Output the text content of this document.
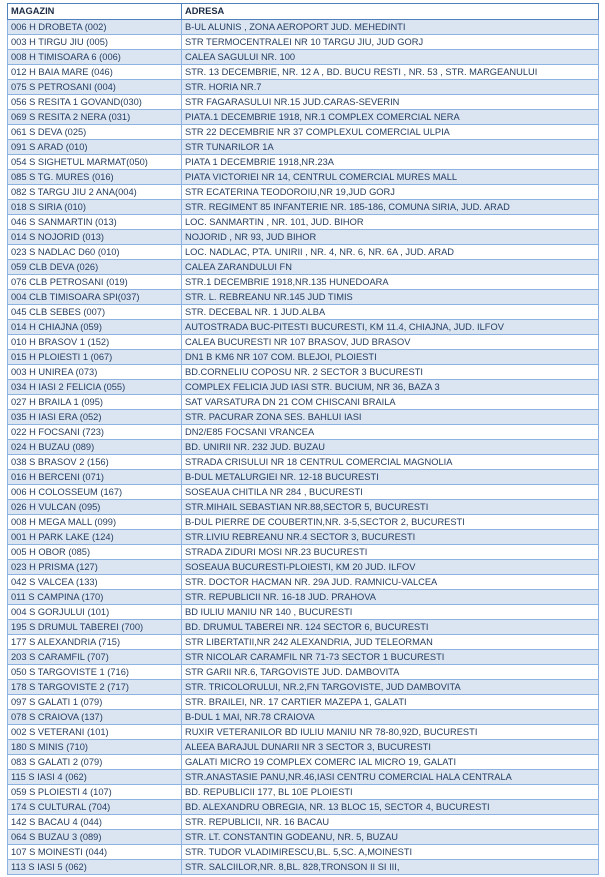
MAGAZIN	ADRESA
006 H DROBETA (002)	B-UL ALUNIS , ZONA AEROPORT JUD. MEHEDINTI
003 H TIRGU JIU (005)	STR TERMOCENTRALEI NR 10 TARGU JIU, JUD GORJ
008 H TIMISOARA 6 (006)	CALEA SAGULUI NR. 100
012 H BAIA MARE (046)	STR. 13 DECEMBRIE, NR. 12 A , BD. BUCU RESTI , NR. 53 , STR. MARGEANULUI
075 S PETROSANI (004)	STR. HORIA NR.7
056 S RESITA 1 GOVAND(030)	STR FAGARASULUI NR.15 JUD.CARAS-SEVERIN
069 S RESITA 2 NERA (031)	PIATA.1 DECEMBRIE 1918, NR.1 COMPLEX COMERCIAL NERA
061 S DEVA (025)	STR 22 DECEMBRIE NR 37 COMPLEXUL COMERCIAL ULPIA
091 S ARAD (010)	STR TUNARILOR 1A
054 S SIGHETUL MARMAT(050)	PIATA 1 DECEMBRIE 1918,NR.23A
085 S TG. MURES (016)	PIATA VICTORIEI NR 14, CENTRUL COMERCIAL MURES MALL
082 S TARGU JIU 2 ANA(004)	STR ECATERINA TEODOROIU,NR 19,JUD GORJ
018 S SIRIA (010)	STR. REGIMENT 85 INFANTERIE NR. 185-186, COMUNA SIRIA, JUD. ARAD
046 S SANMARTIN (013)	LOC. SANMARTIN , NR. 101, JUD. BIHOR
014 S NOJORID (013)	NOJORID , NR 93, JUD BIHOR
023 S NADLAC D60 (010)	LOC. NADLAC, PTA. UNIRII , NR. 4, NR. 6, NR. 6A , JUD. ARAD
059 CLB DEVA (026)	CALEA ZARANDULUI FN
076 CLB PETROSANI (019)	STR.1 DECEMBRIE 1918,NR.135 HUNEDOARA
004 CLB TIMISOARA SPI(037)	STR. L. REBREANU NR.145 JUD TIMIS
045 CLB SEBES (007)	STR. DECEBAL NR. 1 JUD.ALBA
014 H CHIAJNA (059)	AUTOSTRADA BUC-PITESTI BUCURESTI, KM 11.4, CHIAJNA, JUD. ILFOV
010 H BRASOV 1 (152)	CALEA BUCURESTI NR 107 BRASOV, JUD BRASOV
015 H PLOIESTI 1 (067)	DN1 B KM6 NR 107 COM. BLEJOI, PLOIESTI
003 H UNIREA (073)	BD.CORNELIU COPOSU NR. 2 SECTOR 3 BUCURESTI
034 H IASI 2 FELICIA (055)	COMPLEX FELICIA JUD IASI STR. BUCIUM, NR 36, BAZA 3
027 H BRAILA 1 (095)	SAT VARSATURA DN 21 COM CHISCANI BRAILA
035 H IASI ERA (052)	STR. PACURAR ZONA SES. BAHLUI IASI
022 H FOCSANI (723)	DN2/E85 FOCSANI VRANCEA
024 H BUZAU (089)	BD. UNIRII NR. 232 JUD. BUZAU
038 S BRASOV 2 (156)	STRADA CRISULUI NR 18 CENTRUL COMERCIAL MAGNOLIA
016 H BERCENI (071)	B-DUL METALURGIEI NR. 12-18 BUCURESTI
006 H COLOSSEUM (167)	SOSEAUA CHITILA NR 284 , BUCURESTI
026 H VULCAN (095)	STR.MIHAIL SEBASTIAN NR.88,SECTOR 5, BUCURESTI
008 H MEGA MALL (099)	B-DUL PIERRE DE COUBERTIN,NR. 3-5,SECTOR 2, BUCURESTI
001 H PARK LAKE (124)	STR.LIVIU REBREANU NR.4 SECTOR 3, BUCURESTI
005 H OBOR (085)	STRADA ZIDURI MOSI NR.23 BUCURESTI
023 H PRISMA (127)	SOSEAUA BUCURESTI-PLOIESTI, KM 20 JUD. ILFOV
042 S VALCEA (133)	STR. DOCTOR HACMAN NR. 29A JUD. RAMNICU-VALCEA
011 S CAMPINA (170)	STR. REPUBLICII NR. 16-18 JUD. PRAHOVA
004 S GORJULUI (101)	BD IULIU MANIU NR 140 , BUCURESTI
195 S DRUMUL TABEREI (700)	BD. DRUMUL TABEREI NR. 124 SECTOR 6, BUCURESTI
177 S ALEXANDRIA (715)	STR LIBERTATII,NR 242 ALEXANDRIA, JUD TELEORMAN
203 S CARAMFIL (707)	STR NICOLAR CARAMFIL NR 71-73 SECTOR 1 BUCURESTI
050 S TARGOVISTE 1 (716)	STR GARII NR.6, TARGOVISTE JUD. DAMBOVITA
178 S TARGOVISTE 2 (717)	STR. TRICOLORULUI, NR.2,FN TARGOVISTE, JUD DAMBOVITA
097 S GALATI 1 (079)	STR. BRAILEI, NR. 17 CARTIER MAZEPA 1, GALATI
078 S CRAIOVA (137)	B-DUL 1 MAI, NR.78 CRAIOVA
002 S VETERANI (101)	RUXIR VETERANILOR BD IULIU MANIU NR 78-80,92D, BUCURESTI
180 S MINIS (710)	ALEEA BARAJUL DUNARII NR 3 SECTOR 3, BUCURESTI
083 S GALATI 2 (079)	GALATI MICRO 19 COMPLEX COMERC IAL MICRO 19, GALATI
115 S IASI 4 (062)	STR.ANASTASIE PANU,NR.46,IASI CENTRU COMERCIAL HALA CENTRALA
059 S PLOIESTI 4 (107)	BD. REPUBLICII 177, BL 10E PLOIESTI
174 S CULTURAL (704)	BD. ALEXANDRU OBREGIA, NR. 13 BLOC 15, SECTOR 4, BUCURESTI
142 S BACAU 4 (044)	STR. REPUBLICII, NR. 16 BACAU
064 S BUZAU 3 (089)	STR. LT. CONSTANTIN GODEANU, NR. 5, BUZAU
107 S MOINESTI (044)	STR. TUDOR VLADIMIRESCU,BL. 5,SC. A,MOINESTI
113 S IASI 5 (062)	STR. SALCIILOR,NR. 8,BL. 828,TRONSON II SI III,
